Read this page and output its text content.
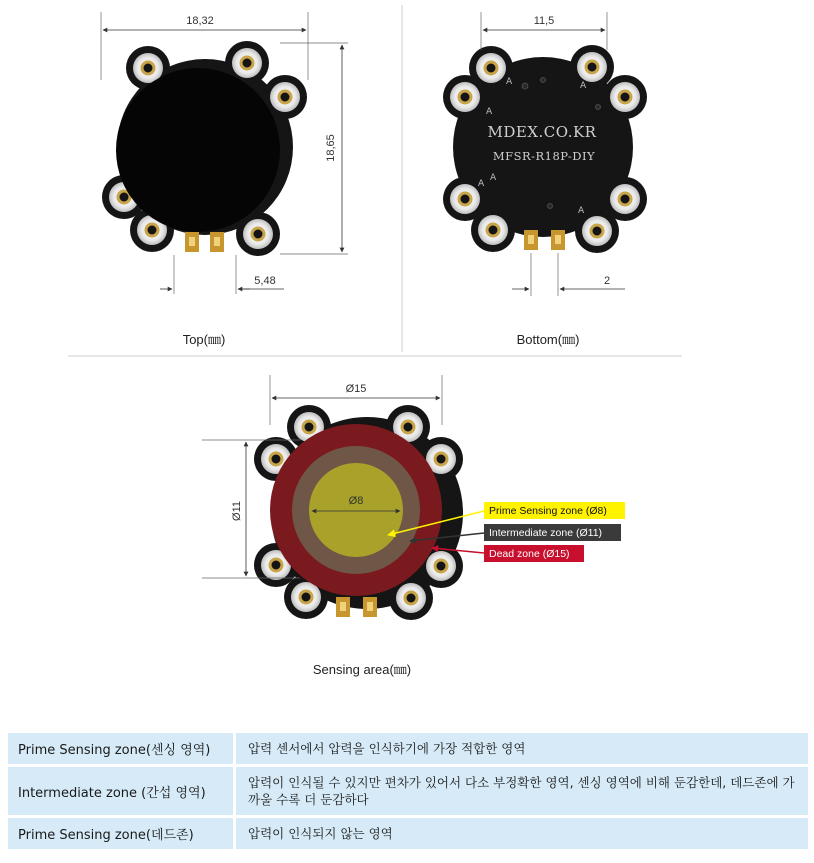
18,32
18,65
5,48
Top(㎜)
A	A
A
A
A
A
MDEX.CO.KR
MFSR-R18P-DIY
11,5
2
Bottom(㎜)
Ø15
Ø11
Ø8
Prime Sensing zone (Ø8)
Intermediate zone (Ø11)
Dead zone (Ø15)
Sensing area(㎜)
Prime Sensing zone(센싱 영역)	압력 센서에서 압력을 인식하기에 가장 적합한 영역
Intermediate zone (간섭 영역)	압력이 인식될 수 있지만 편차가 있어서 다소 부정확한 영역, 센싱 영역에 비해 둔감한데, 데드존에 가까울 수록 더 둔감하다
Prime Sensing zone(데드존)	압력이 인식되지 않는 영역
